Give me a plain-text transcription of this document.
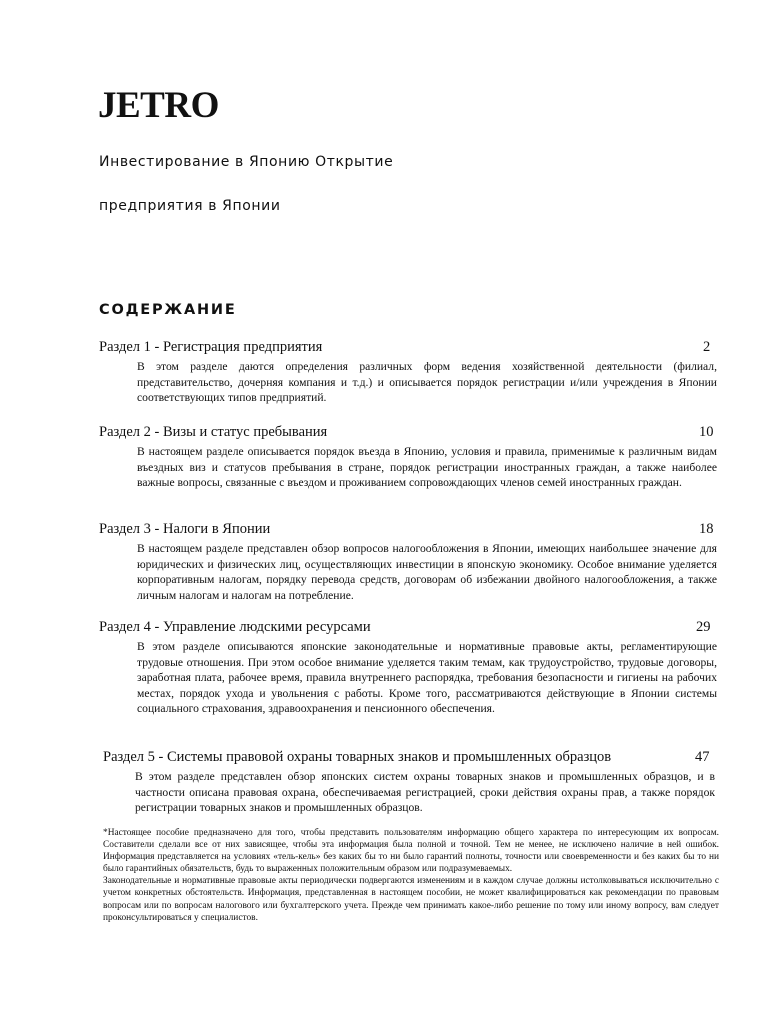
JETRO

Инвестирование в Японию Открытие

предприятия в Японии

СОДЕРЖАНИЕ
Раздел 1 - Регистрация предприятия	2

В этом разделе даются определения различных форм ведения хозяйственной деятельности (филиал, представительство, дочерняя компания и т.д.) и описывается порядок регистрации и/или учреждения в Японии соответствующих типов предприятий.

Раздел 2 - Визы и статус пребывания	10

В настоящем разделе описывается порядок въезда в Японию, условия и правила, применимые к различным видам въездных виз и статусов пребывания в стране, порядок регистрации иностранных граждан, а также наиболее важные вопросы, связанные с въездом и проживанием сопровождающих членов семей иностранных граждан.

Раздел 3 - Налоги в Японии	18

В настоящем разделе представлен обзор вопросов налогообложения в Японии, имеющих наибольшее значение для юридических и физических лиц, осуществляющих инвестиции в японскую экономику. Особое внимание уделяется корпоративным налогам, порядку перевода средств, договорам об избежании двойного налогообложения, а также личным налогам и налогам на потребление.

Раздел 4 - Управление людскими ресурсами	29

В этом разделе описываются японские законодательные и нормативные правовые акты, регламентирующие трудовые отношения. При этом особое внимание уделяется таким темам, как трудоустройство, трудовые договоры, заработная плата, рабочее время, правила внутреннего распорядка, требования безопасности и гигиены на рабочих местах, порядок ухода и увольнения с работы. Кроме того, рассматриваются действующие в Японии системы социального страхования, здравоохранения и пенсионного обеспечения.

Раздел 5 - Системы правовой охраны товарных знаков и промышленных образцов	47

В этом разделе представлен обзор японских систем охраны товарных знаков и промышленных образцов, и в частности описана правовая охрана, обеспечиваемая регистрацией, сроки действия охраны прав, а также порядок регистрации товарных знаков и промышленных образцов.

*Настоящее пособие предназначено для того, чтобы представить пользователям информацию общего характера по интересующим их вопросам. Составители сделали все от них зависящее, чтобы эта информация была полной и точной. Тем не менее, не исключено наличие в ней ошибок. Информация представляется на условиях «тель-кель» без каких бы то ни было гарантий полноты, точности или своевременности и без каких бы то ни было гарантийных обязательств, будь то выраженных положительным образом или подразумеваемых.

Законодательные и нормативные правовые акты периодически подвергаются изменениям и в каждом случае должны истолковываться исключительно с учетом конкретных обстоятельств. Информация, представленная в настоящем пособии, не может квалифицироваться как рекомендации по правовым вопросам или по вопросам налогового или бухгалтерского учета. Прежде чем принимать какое-либо решение по тому или иному вопросу, вам следует проконсультироваться у специалистов.
